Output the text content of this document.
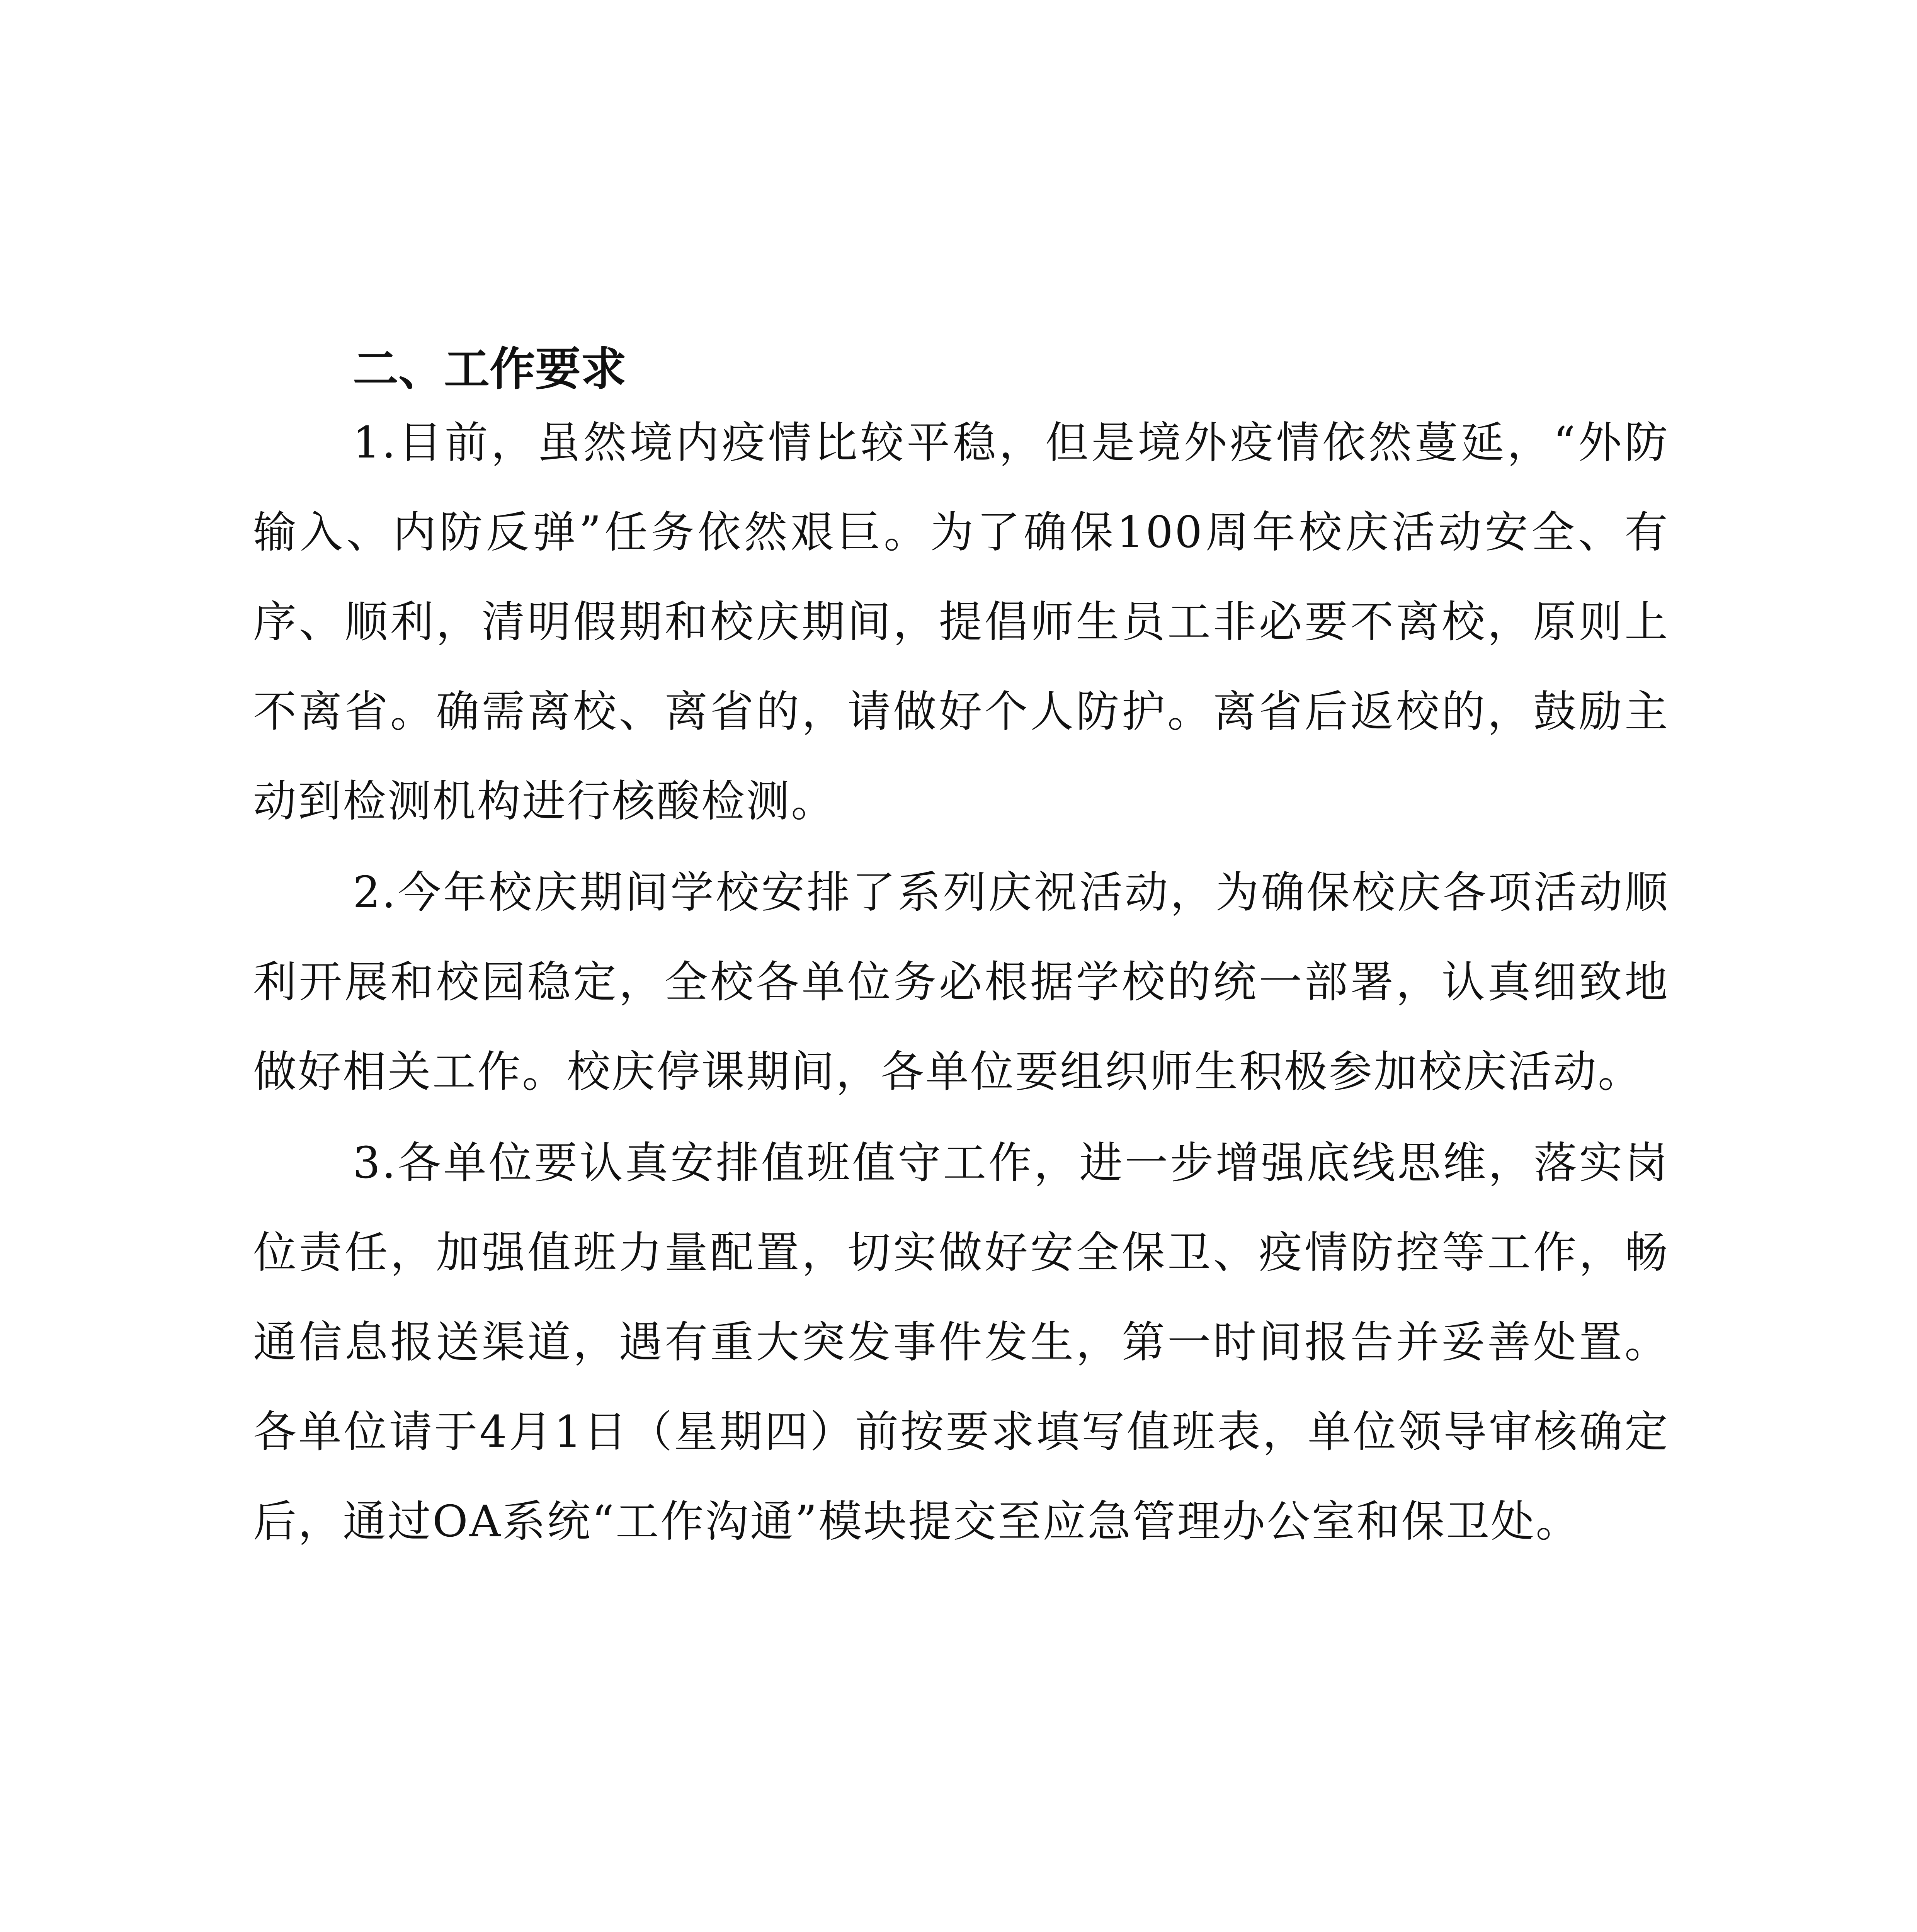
二、工作要求

1.目前，虽然境内疫情比较平稳，但是境外疫情依然蔓延，“外防输入、内防反弹”任务依然艰巨。为了确保100周年校庆活动安全、有序、顺利，清明假期和校庆期间，提倡师生员工非必要不离校，原则上不离省。确需离校、离省的，请做好个人防护。离省后返校的，鼓励主动到检测机构进行核酸检测。

2.今年校庆期间学校安排了系列庆祝活动，为确保校庆各项活动顺利开展和校园稳定，全校各单位务必根据学校的统一部署，认真细致地做好相关工作。校庆停课期间，各单位要组织师生积极参加校庆活动。

3.各单位要认真安排值班值守工作，进一步增强底线思维，落实岗位责任，加强值班力量配置，切实做好安全保卫、疫情防控等工作，畅通信息报送渠道，遇有重大突发事件发生，第一时间报告并妥善处置。各单位请于4月1日（星期四）前按要求填写值班表，单位领导审核确定后，通过OA系统“工作沟通”模块提交至应急管理办公室和保卫处。
